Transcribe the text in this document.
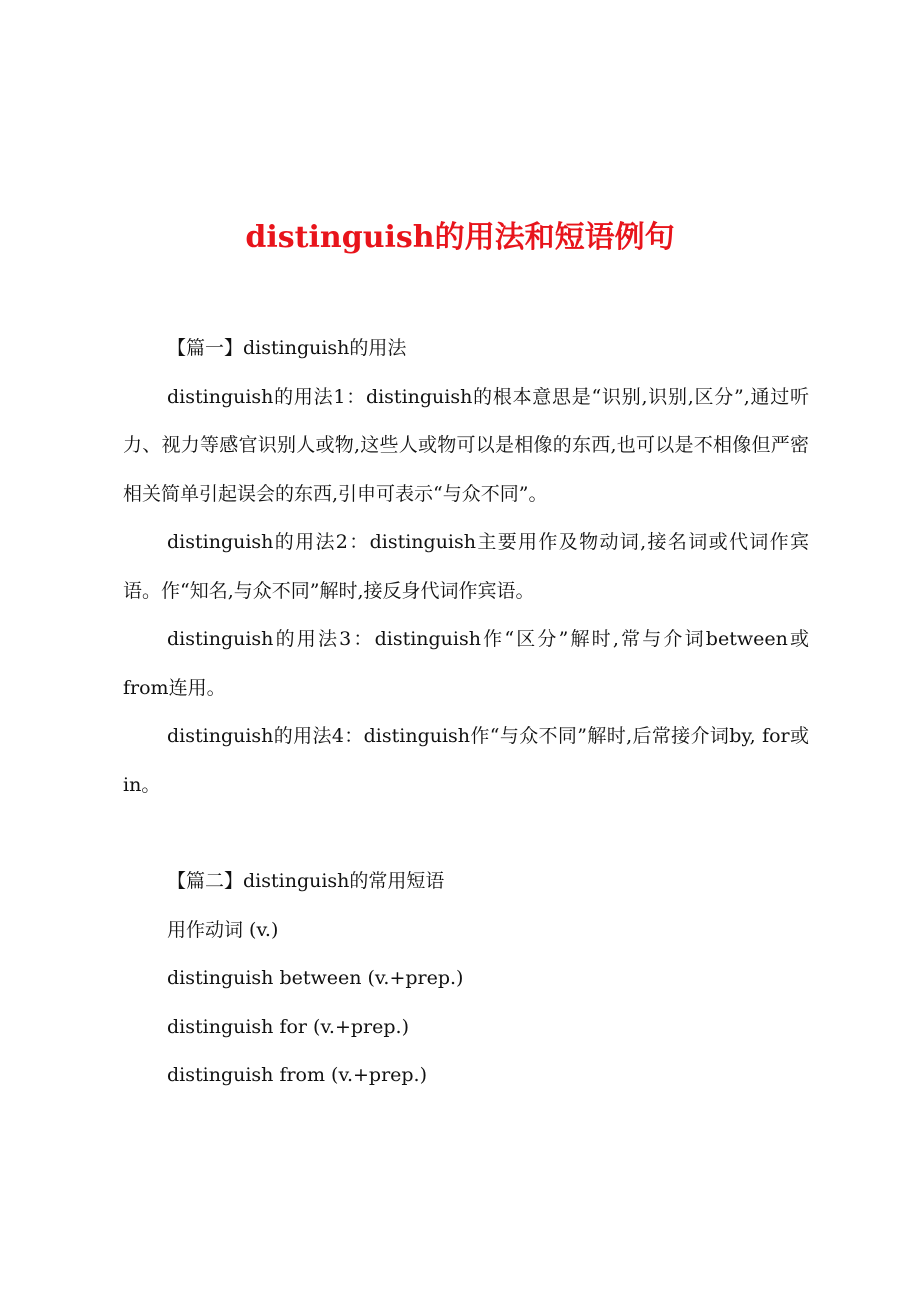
distinguish的用法和短语例句

【篇一】distinguish的用法

distinguish的用法1：distinguish的根本意思是“识别,识别,区分”,通过听力、视力等感官识别人或物,这些人或物可以是相像的东西,也可以是不相像但严密相关简单引起误会的东西,引申可表示“与众不同”。

distinguish的用法2：distinguish主要用作及物动词,接名词或代词作宾语。作“知名,与众不同”解时,接反身代词作宾语。

distinguish的用法3：distinguish作“区分”解时,常与介词between或from连用。

distinguish的用法4：distinguish作“与众不同”解时,后常接介词by, for或in。

【篇二】distinguish的常用短语

用作动词 (v.)

distinguish between (v.+prep.)

distinguish for (v.+prep.)

distinguish from (v.+prep.)
